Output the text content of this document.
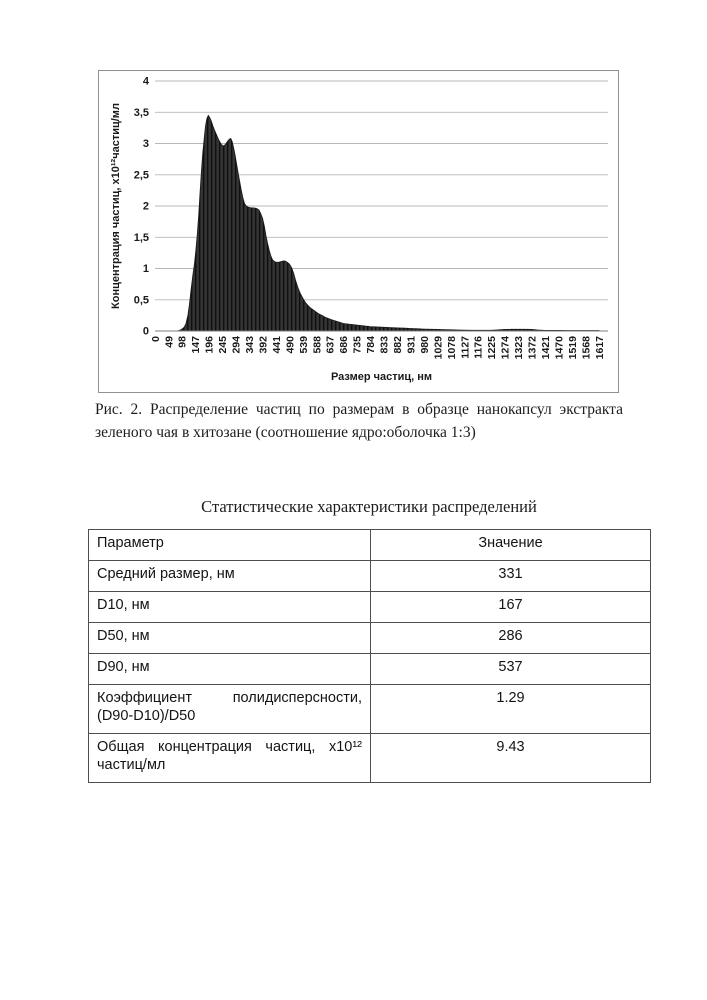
0
0,5
1
1,5
2
2,5
3
3,5
4
0 49 98 147 196 245 294 343 392 441 490 539 588 637 686 735 784 833 882 931 980 1029 1078 1127 1176 1225 1274 1323 1372 1421 1470 1519 1568 1617
Размер частиц, нм
Концентрация частиц, х10¹²частиц/мл

Рис. 2. Распределение частиц по размерам в образце нанокапсул экстракта зеленого чая в хитозане (соотношение ядро:оболочка 1:3)

Статистические характеристики распределений
Параметр	Значение
Средний размер, нм	331
D10, нм	167
D50, нм	286
D90, нм	537
Коэффициент полидисперсности, (D90-D10)/D50	1.29
Общая концентрация частиц, х10¹² частиц/мл	9.43
